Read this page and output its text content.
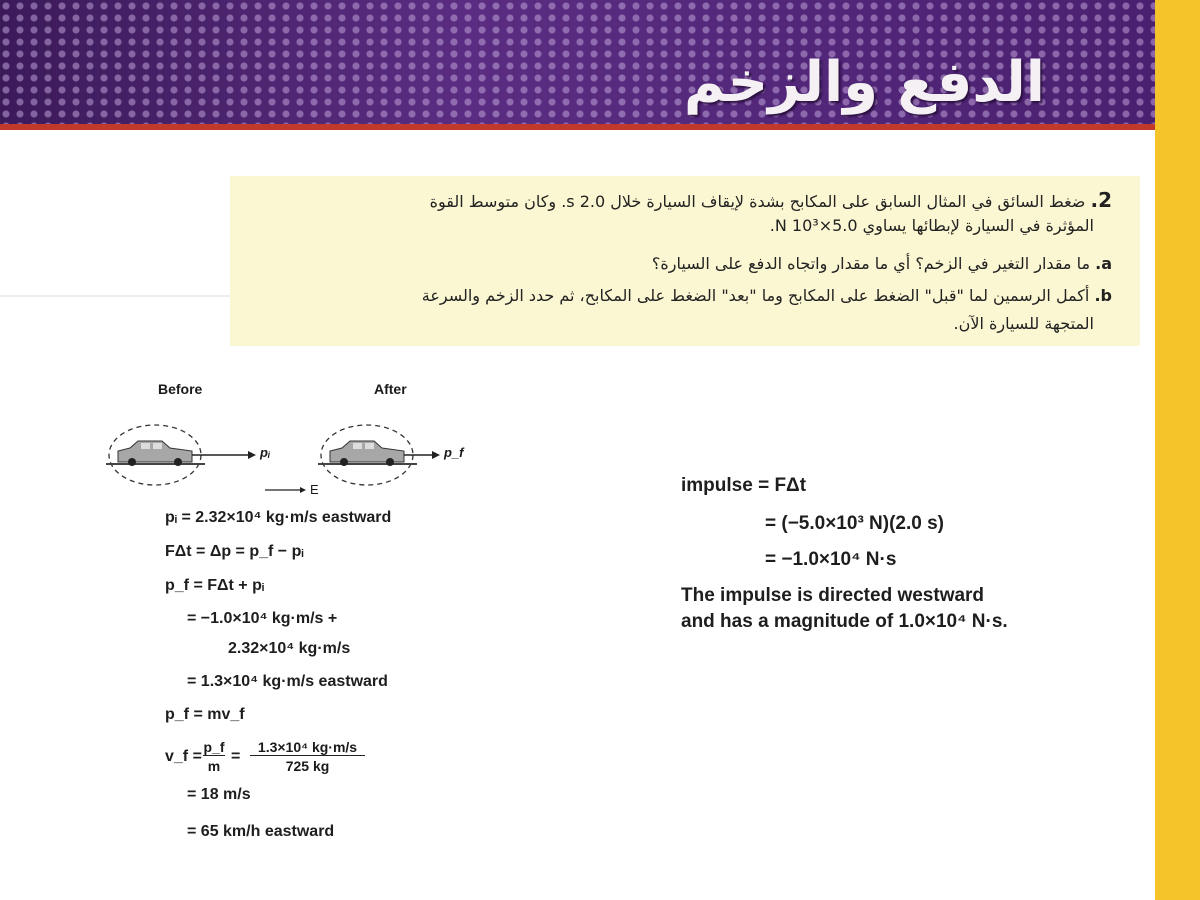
الدفع والزخم
2. ضغط السائق في المثال السابق على المكابح بشدة لإيقاف السيارة خلال 2.0 s. وكان متوسط القوة
المؤثرة في السيارة لإبطائها يساوي 5.0×10³ N.
a. ما مقدار التغير في الزخم؟ أي ما مقدار واتجاه الدفع على السيارة؟
b. أكمل الرسمين لما "قبل" الضغط على المكابح وما "بعد" الضغط على المكابح، ثم حدد الزخم والسرعة
المتجهة للسيارة الآن.
Before	After
pᵢ	p_f
E
pᵢ = 2.32×10⁴ kg·m/s eastward
FΔt = Δp = p_f − pᵢ
p_f = FΔt + pᵢ
= −1.0×10⁴ kg·m/s +
2.32×10⁴ kg·m/s
= 1.3×10⁴ kg·m/s eastward
p_f = mv_f
v_f =
p_f
m
=
1.3×10⁴ kg·m/s
725 kg
= 18 m/s
= 65 km/h eastward
impulse = FΔt
= (−5.0×10³ N)(2.0 s)
= −1.0×10⁴ N·s
The impulse is directed westward
and has a magnitude of 1.0×10⁴ N·s.
